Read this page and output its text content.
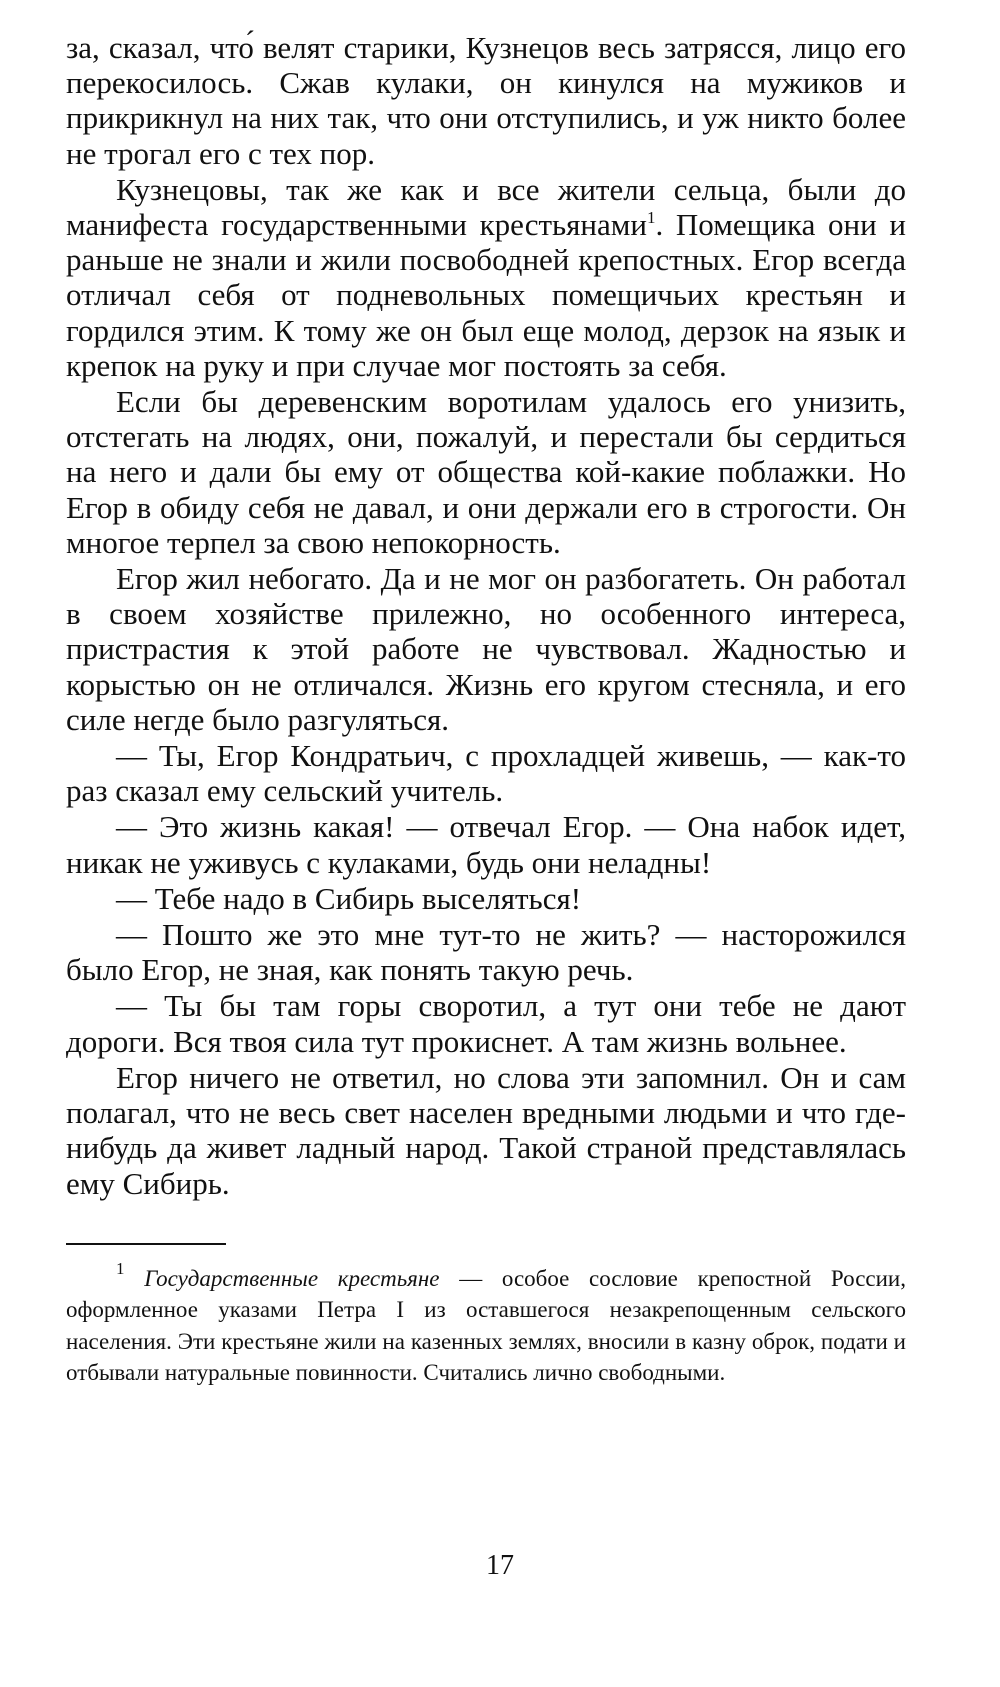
за, сказал, что́ велят старики, Кузнецов весь затрясся, лицо его перекосилось. Сжав кулаки, он кинулся на мужиков и прикрикнул на них так, что они отступились, и уж никто более не трогал его с тех пор.

Кузнецовы, так же как и все жители сельца, были до манифеста государственными крестьянами$^1$. Помещика они и раньше не знали и жили посвободней крепостных. Егор всегда отличал себя от подневольных помещичьих крестьян и гордился этим. К тому же он был еще молод, дерзок на язык и крепок на руку и при случае мог постоять за себя.

Если бы деревенским воротилам удалось его унизить, отстегать на людях, они, пожалуй, и перестали бы сердиться на него и дали бы ему от общества кой-какие поблажки. Но Егор в обиду себя не давал, и они держали его в строгости. Он многое терпел за свою непокорность.

Егор жил небогато. Да и не мог он разбогатеть. Он работал в своем хозяйстве прилежно, но особенного интереса, пристрастия к этой работе не чувствовал. Жадностью и корыстью он не отличался. Жизнь его кругом стесняла, и его силе негде было разгуляться.

— Ты, Егор Кондратьич, с прохладцей живешь, — как-то раз сказал ему сельский учитель.

— Это жизнь какая! — отвечал Егор. — Она набок идет, никак не уживусь с кулаками, будь они неладны!

— Тебе надо в Сибирь выселяться!

— Пошто же это мне тут-то не жить? — насторожился было Егор, не зная, как понять такую речь.

— Ты бы там горы своротил, а тут они тебе не дают дороги. Вся твоя сила тут прокиснет. А там жизнь вольнее.

Егор ничего не ответил, но слова эти запомнил. Он и сам полагал, что не весь свет населен вредными людьми и что где-нибудь да живет ладный народ. Такой страной представлялась ему Сибирь.

$^1$ Государственные крестьяне — особое сословие крепостной России, оформленное указами Петра I из оставшегося незакрепощенным сельского населения. Эти крестьяне жили на казенных землях, вносили в казну оброк, подати и отбывали натуральные повинности. Считались лично свободными.

17
